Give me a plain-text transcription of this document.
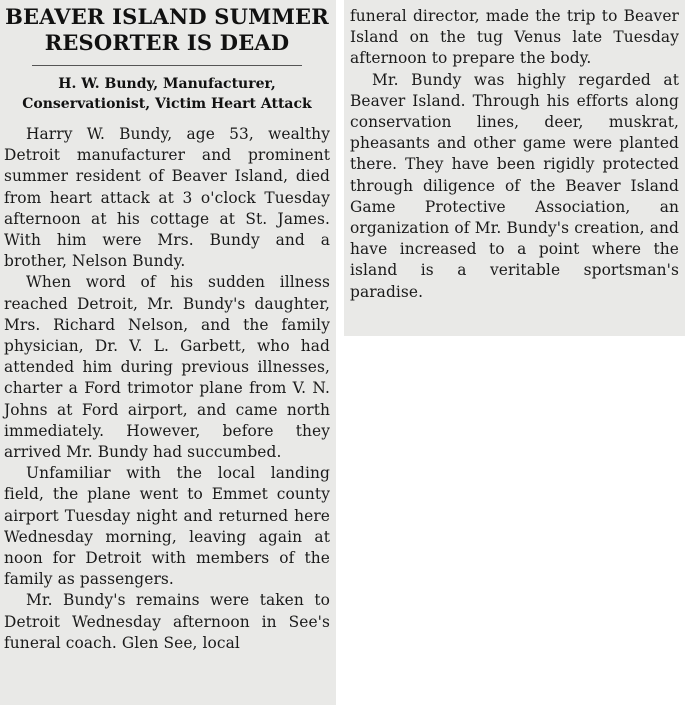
BEAVER ISLAND SUMMER RESORTER IS DEAD
H. W. Bundy, Manufacturer, Conservationist, Victim Heart Attack

Harry W. Bundy, age 53, wealthy Detroit manufacturer and prominent summer resident of Beaver Island, died from heart attack at 3 o'clock Tuesday afternoon at his cottage at St. James. With him were Mrs. Bundy and a brother, Nelson Bundy.

When word of his sudden illness reached Detroit, Mr. Bundy's daughter, Mrs. Richard Nelson, and the family physician, Dr. V. L. Garbett, who had attended him during previous illnesses, charter a Ford trimotor plane from V. N. Johns at Ford airport, and came north immediately. However, before they arrived Mr. Bundy had succumbed.

Unfamiliar with the local landing field, the plane went to Emmet county airport Tuesday night and returned here Wednesday morning, leaving again at noon for Detroit with members of the family as passengers.

Mr. Bundy's remains were taken to Detroit Wednesday afternoon in See's funeral coach. Glen See, local

funeral director, made the trip to Beaver Island on the tug Venus late Tuesday afternoon to prepare the body.

Mr. Bundy was highly regarded at Beaver Island. Through his efforts along conservation lines, deer, muskrat, pheasants and other game were planted there. They have been rigidly protected through diligence of the Beaver Island Game Protective Association, an organization of Mr. Bundy's creation, and have increased to a point where the island is a veritable sportsman's paradise.
